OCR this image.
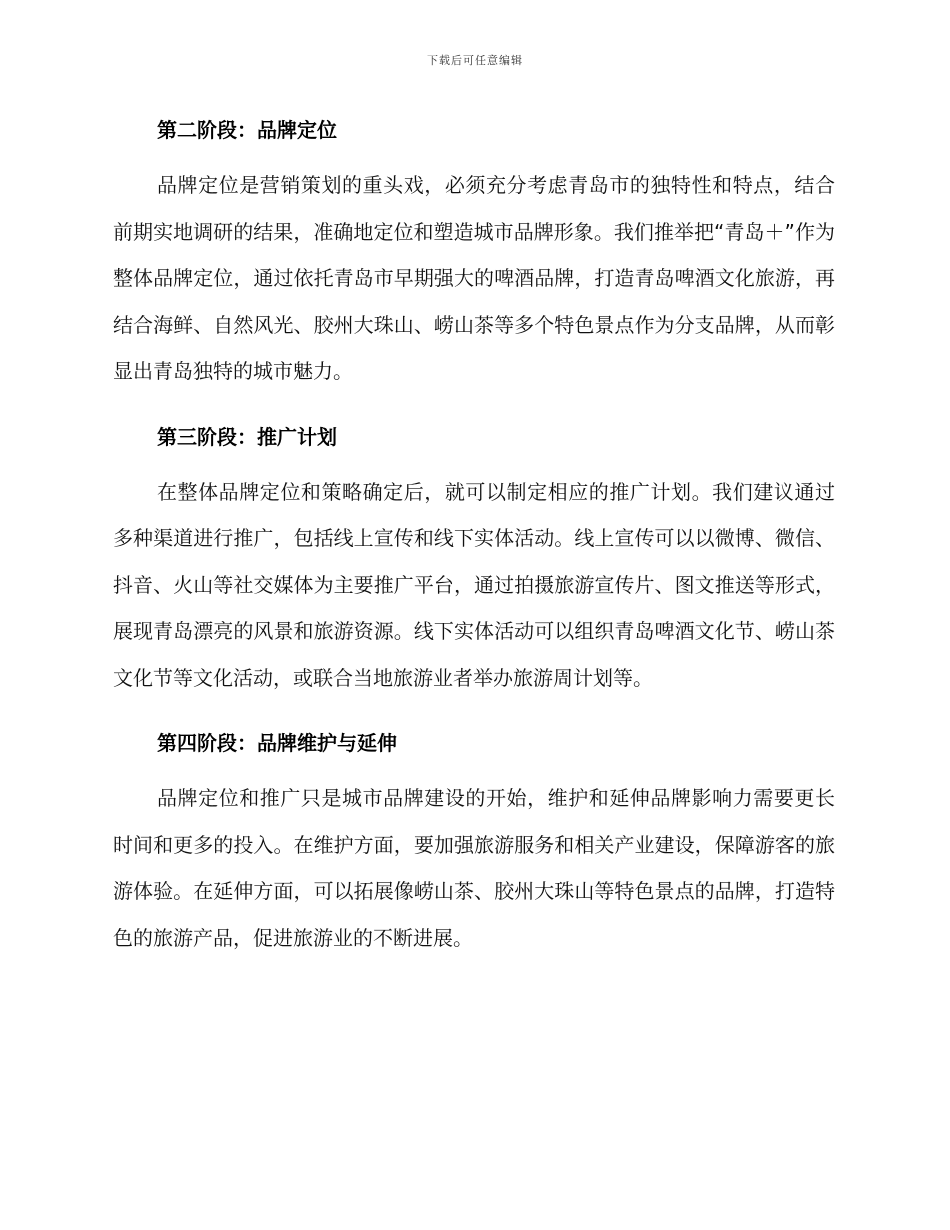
下载后可任意编辑
第二阶段：品牌定位

品牌定位是营销策划的重头戏，必须充分考虑青岛市的独特性和特点，结合前期实地调研的结果，准确地定位和塑造城市品牌形象。我们推举把“青岛＋”作为整体品牌定位，通过依托青岛市早期强大的啤酒品牌，打造青岛啤酒文化旅游，再结合海鲜、自然风光、胶州大珠山、崂山茶等多个特色景点作为分支品牌，从而彰显出青岛独特的城市魅力。

第三阶段：推广计划

在整体品牌定位和策略确定后，就可以制定相应的推广计划。我们建议通过多种渠道进行推广，包括线上宣传和线下实体活动。线上宣传可以以微博、微信、抖音、火山等社交媒体为主要推广平台，通过拍摄旅游宣传片、图文推送等形式，展现青岛漂亮的风景和旅游资源。线下实体活动可以组织青岛啤酒文化节、崂山茶文化节等文化活动，或联合当地旅游业者举办旅游周计划等。

第四阶段：品牌维护与延伸

品牌定位和推广只是城市品牌建设的开始，维护和延伸品牌影响力需要更长时间和更多的投入。在维护方面，要加强旅游服务和相关产业建设，保障游客的旅游体验。在延伸方面，可以拓展像崂山茶、胶州大珠山等特色景点的品牌，打造特色的旅游产品，促进旅游业的不断进展。
